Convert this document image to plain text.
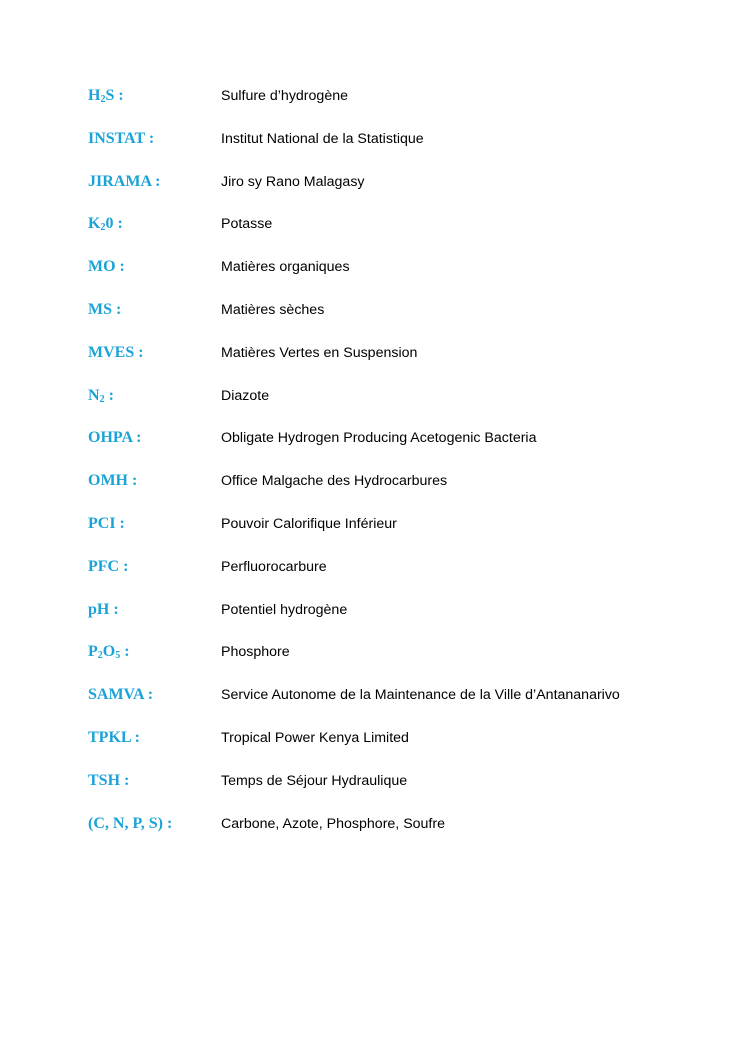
$H_2S$ :	Sulfure d’hydrogène
INSTAT :	Institut National de la Statistique
JIRAMA :	Jiro sy Rano Malagasy
$K_20$ :	Potasse
MO :	Matières organiques
MS :	Matières sèches
MVES :	Matières Vertes en Suspension
$N_2$ :	Diazote
OHPA :	Obligate Hydrogen Producing Acetogenic Bacteria
OMH :	Office Malgache des Hydrocarbures
PCI :	Pouvoir Calorifique Inférieur
PFC :	Perfluorocarbure
pH :	Potentiel hydrogène
$P_2O_5$ :	Phosphore
SAMVA :	Service Autonome de la Maintenance de la Ville d’Antananarivo
TPKL :	Tropical Power Kenya Limited
TSH :	Temps de Séjour Hydraulique
(C, N, P, S) :	Carbone, Azote, Phosphore, Soufre
